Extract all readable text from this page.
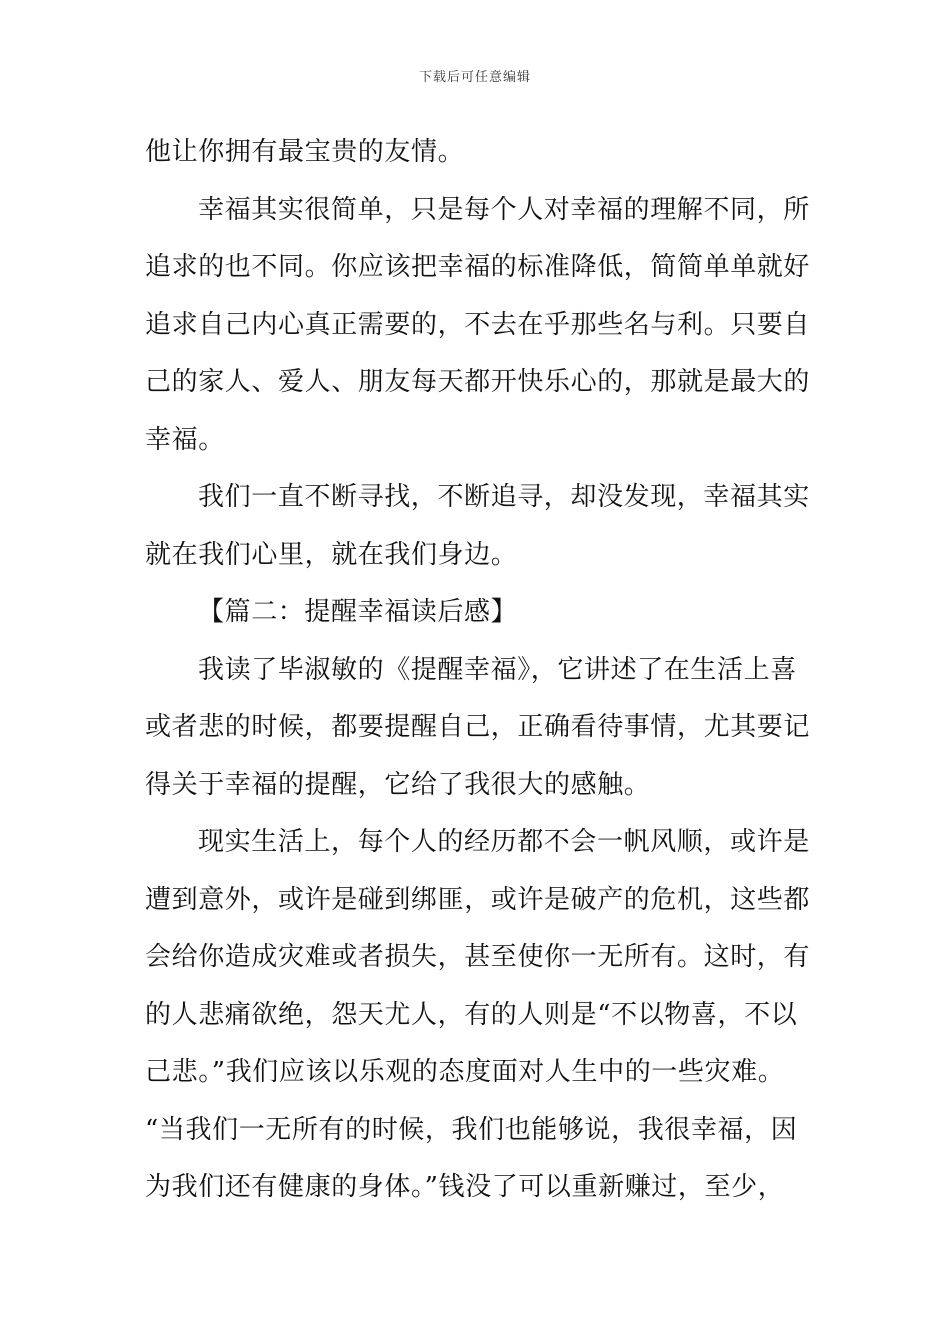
下载后可任意编辑
他让你拥有最宝贵的友情。
幸福其实很简单，只是每个人对幸福的理解不同，所
追求的也不同。你应该把幸福的标准降低，简简单单就好
追求自己内心真正需要的，不去在乎那些名与利。只要自
己的家人、爱人、朋友每天都开快乐心的，那就是最大的
幸福。
我们一直不断寻找，不断追寻，却没发现，幸福其实
就在我们心里，就在我们身边。
【篇二：提醒幸福读后感】
我读了毕淑敏的《提醒幸福》，它讲述了在生活上喜
或者悲的时候，都要提醒自己，正确看待事情，尤其要记
得关于幸福的提醒，它给了我很大的感触。
现实生活上，每个人的经历都不会一帆风顺，或许是
遭到意外，或许是碰到绑匪，或许是破产的危机，这些都
会给你造成灾难或者损失，甚至使你一无所有。这时，有
的人悲痛欲绝，怨天尤人，有的人则是“不以物喜，不以
己悲。”我们应该以乐观的态度面对人生中的一些灾难。
“当我们一无所有的时候，我们也能够说，我很幸福，因
为我们还有健康的身体。”钱没了可以重新赚过，至少，
